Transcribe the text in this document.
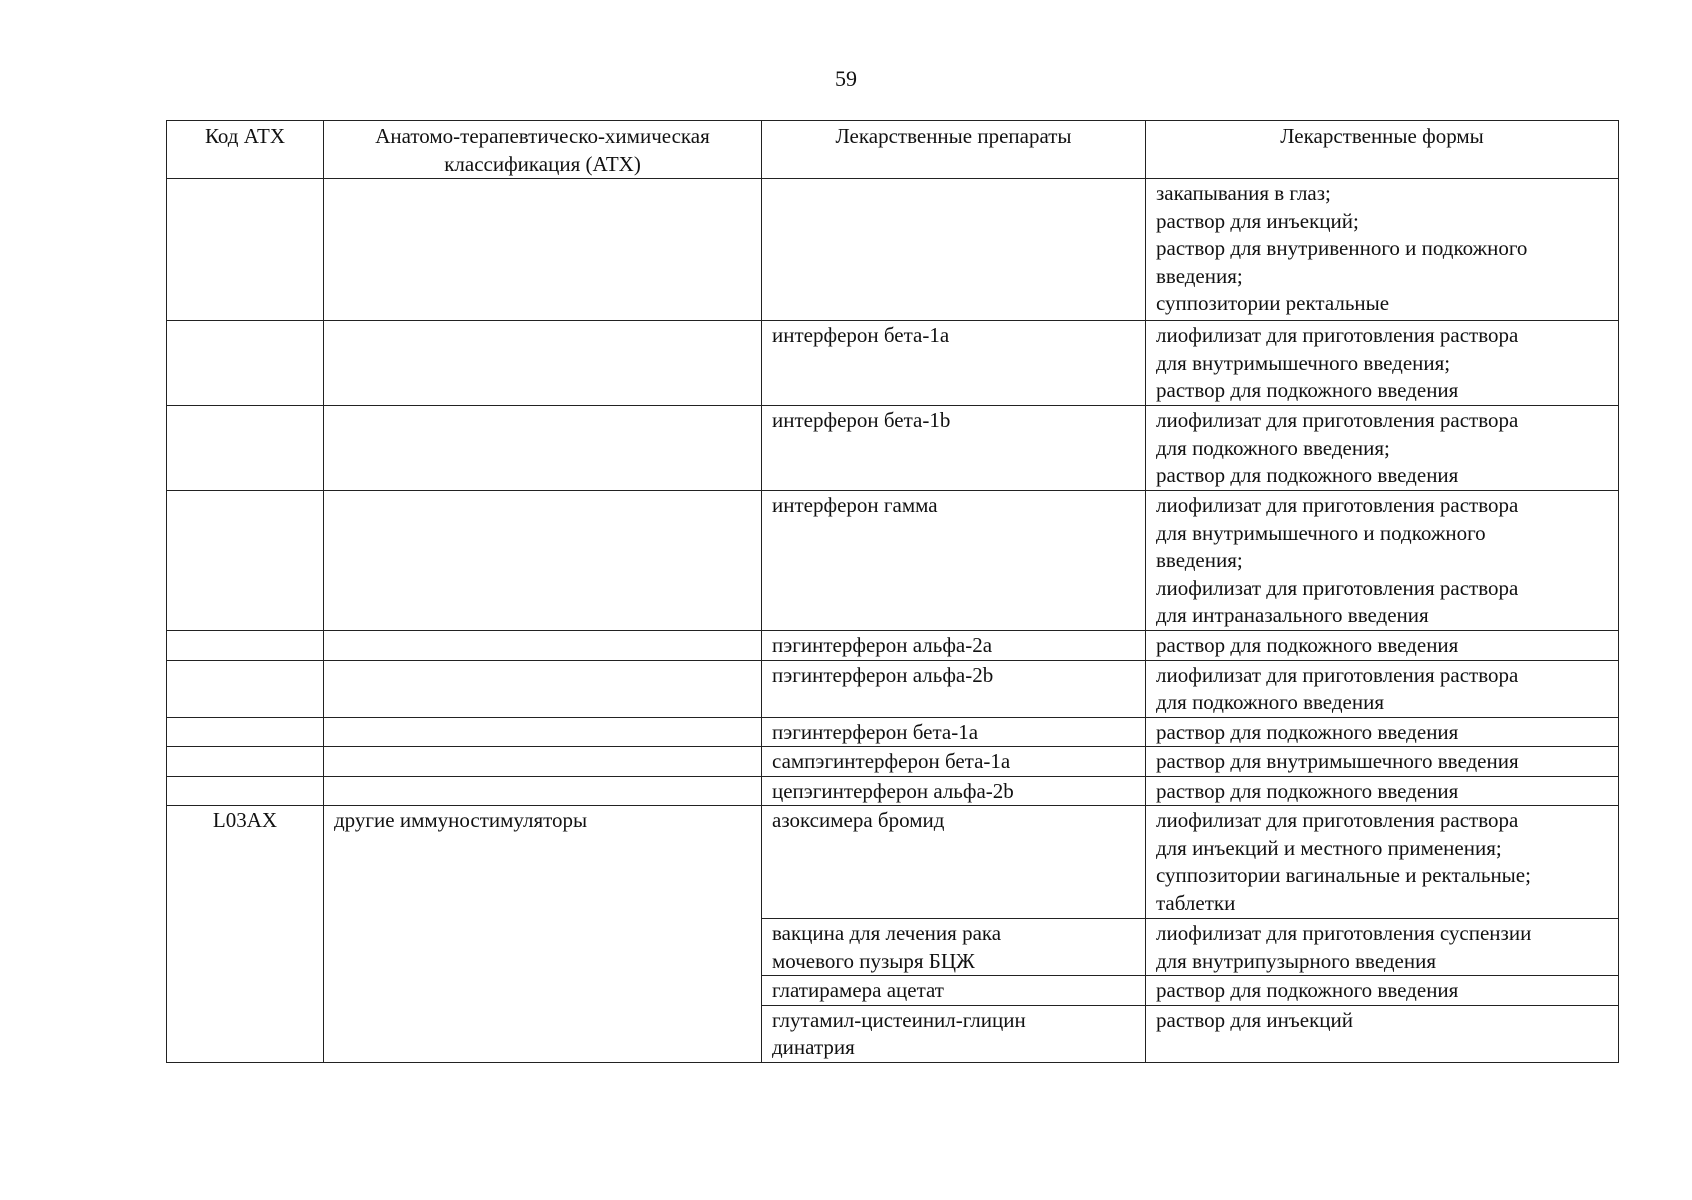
59
Код АТХ	Анатомо-терапевтическо-химическая классификация (АТХ)	Лекарственные препараты	Лекарственные формы

			закапывания в глаз;
раствор для инъекций;
раствор для внутривенного и подкожного
введения;
суппозитории ректальные

		интерферон бета-1a	лиофилизат для приготовления раствора
для внутримышечного введения;
раствор для подкожного введения

		интерферон бета-1b	лиофилизат для приготовления раствора
для подкожного введения;
раствор для подкожного введения

		интерферон гамма	лиофилизат для приготовления раствора
для внутримышечного и подкожного
введения;
лиофилизат для приготовления раствора
для интраназального введения

		пэгинтерферон альфа-2a	раствор для подкожного введения

		пэгинтерферон альфа-2b	лиофилизат для приготовления раствора
для подкожного введения

		пэгинтерферон бета-1a	раствор для подкожного введения

		сампэгинтерферон бета-1a	раствор для внутримышечного введения

		цепэгинтерферон альфа-2b	раствор для подкожного введения

L03AX	другие иммуностимуляторы	азоксимера бромид	лиофилизат для приготовления раствора
для инъекций и местного применения;
суппозитории вагинальные и ректальные;
таблетки

		вакцина для лечения рака
мочевого пузыря БЦЖ	лиофилизат для приготовления суспензии
для внутрипузырного введения

		глатирамера ацетат	раствор для подкожного введения

		глутамил-цистеинил-глицин
динатрия	раствор для инъекций
